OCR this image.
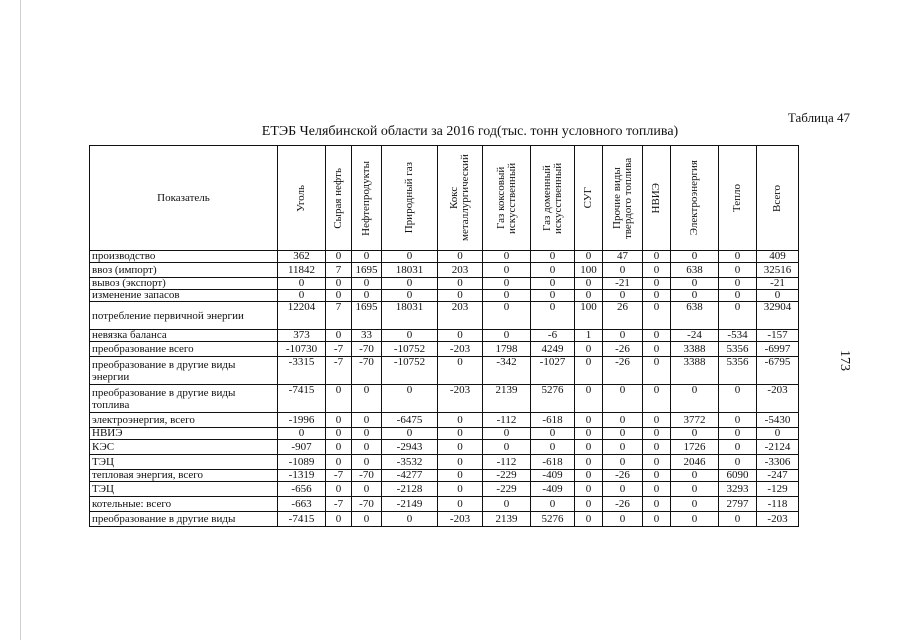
Таблица 47
ЕТЭБ Челябинской области за 2016 год(тыс. тонн условного топлива)
173
Показатель	Уголь	Сырая нефть	Нефтепродукты	Природный газ	Кокс металлургический	Газ коксовый искусственный	Газ доменный искусственный	СУГ	Прочие виды твердого топлива	НВИЭ	Электроэнергия	Тепло	Всего

производство	362	0	0	0	0	0	0	0	47	0	0	0	409
ввоз (импорт)	11842	7	1695	18031	203	0	0	100	0	0	638	0	32516
вывоз (экспорт)	0	0	0	0	0	0	0	0	-21	0	0	0	-21
изменение запасов	0	0	0	0	0	0	0	0	0	0	0	0	0
потребление первичной энергии	12204	7	1695	18031	203	0	0	100	26	0	638	0	32904
невязка баланса	373	0	33	0	0	0	-6	1	0	0	-24	-534	-157
преобразование всего	-10730	-7	-70	-10752	-203	1798	4249	0	-26	0	3388	5356	-6997
преобразование в другие виды энергии	-3315	-7	-70	-10752	0	-342	-1027	0	-26	0	3388	5356	-6795
преобразование в другие виды топлива	-7415	0	0	0	-203	2139	5276	0	0	0	0	0	-203
электроэнергия, всего	-1996	0	0	-6475	0	-112	-618	0	0	0	3772	0	-5430
НВИЭ	0	0	0	0	0	0	0	0	0	0	0	0	0
КЭС	-907	0	0	-2943	0	0	0	0	0	0	1726	0	-2124
ТЭЦ	-1089	0	0	-3532	0	-112	-618	0	0	0	2046	0	-3306
тепловая энергия, всего	-1319	-7	-70	-4277	0	-229	-409	0	-26	0	0	6090	-247
ТЭЦ	-656	0	0	-2128	0	-229	-409	0	0	0	0	3293	-129
котельные: всего	-663	-7	-70	-2149	0	0	0	0	-26	0	0	2797	-118
преобразование в другие виды	-7415	0	0	0	-203	2139	5276	0	0	0	0	0	-203
